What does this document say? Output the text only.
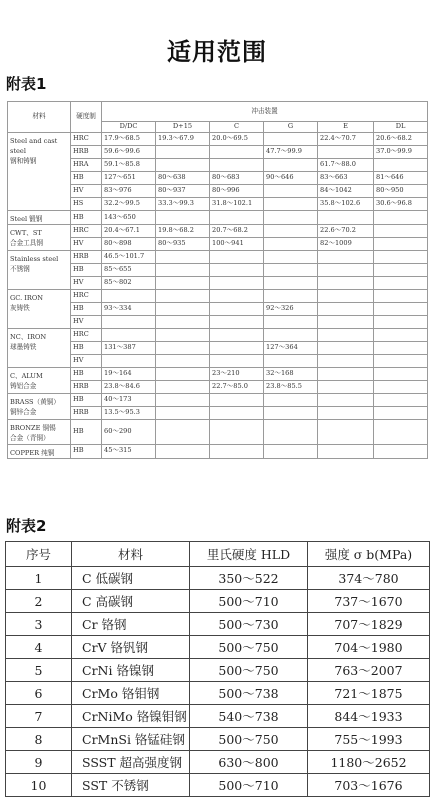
适用范围
附表1
材料	硬度制	冲击装置					
		D/DC	D+15	C	G	E	DL

Steel and cast
steel
钢和铸钢	HRC	17.9～68.5	19.3～67.9	20.0～69.5		22.4～70.7	20.6～68.2
	HRB	59.6～99.6			47.7～99.9		37.0～99.9
	HRA	59.1～85.8				61.7～88.0	
	HB	127～651	80～638	80～683	90～646	83～663	81～646
	HV	83～976	80～937	80～996		84～1042	80～950
	HS	32.2～99.5	33.3～99.3	31.8～102.1		35.8～102.6	30.6～96.8

Steel 锻钢	HB	143～650					

CWT、ST
合金工具钢	HRC	20.4～67.1	19.8～68.2	20.7～68.2		22.6～70.2	
	HV	80～898	80～935	100～941		82～1009	

Stainless steel
不锈钢	HRB	46.5～101.7					
	HB	85～655					
	HV	85～802					

GC. IRON
灰铸铁	HRC						
	HB	93～334			92～326		
	HV						

NC、IRON
球墨铸铁	HRC						
	HB	131～387			127～364		
	HV						

C、ALUM
铸铝合金	HB	19～164		23～210	32～168		
	HRB	23.8～84.6		22.7～85.0	23.8～85.5		

BRASS（黄铜）
铜锌合金	HB	40～173					
	HRB	13.5～95.3					

BRONZE 铜锡
合金（青铜）	HB	60～290					

COPPER 纯铜	HB	45～315					
附表2
序号	材料	里氏硬度 HLD	强度 σ b(MPa)
1	C 低碳钢	350～522	374～780
2	C 高碳钢	500～710	737～1670
3	Cr 铬钢	500～730	707～1829
4	CrV 铬钒钢	500～750	704～1980
5	CrNi 铬镍钢	500～750	763～2007
6	CrMo 铬钼钢	500～738	721～1875
7	CrNiMo 铬镍钼钢	540～738	844～1933
8	CrMnSi 铬锰硅钢	500～750	755～1993
9	SSST 超高强度钢	630～800	1180～2652
10	SST 不锈钢	500～710	703～1676
